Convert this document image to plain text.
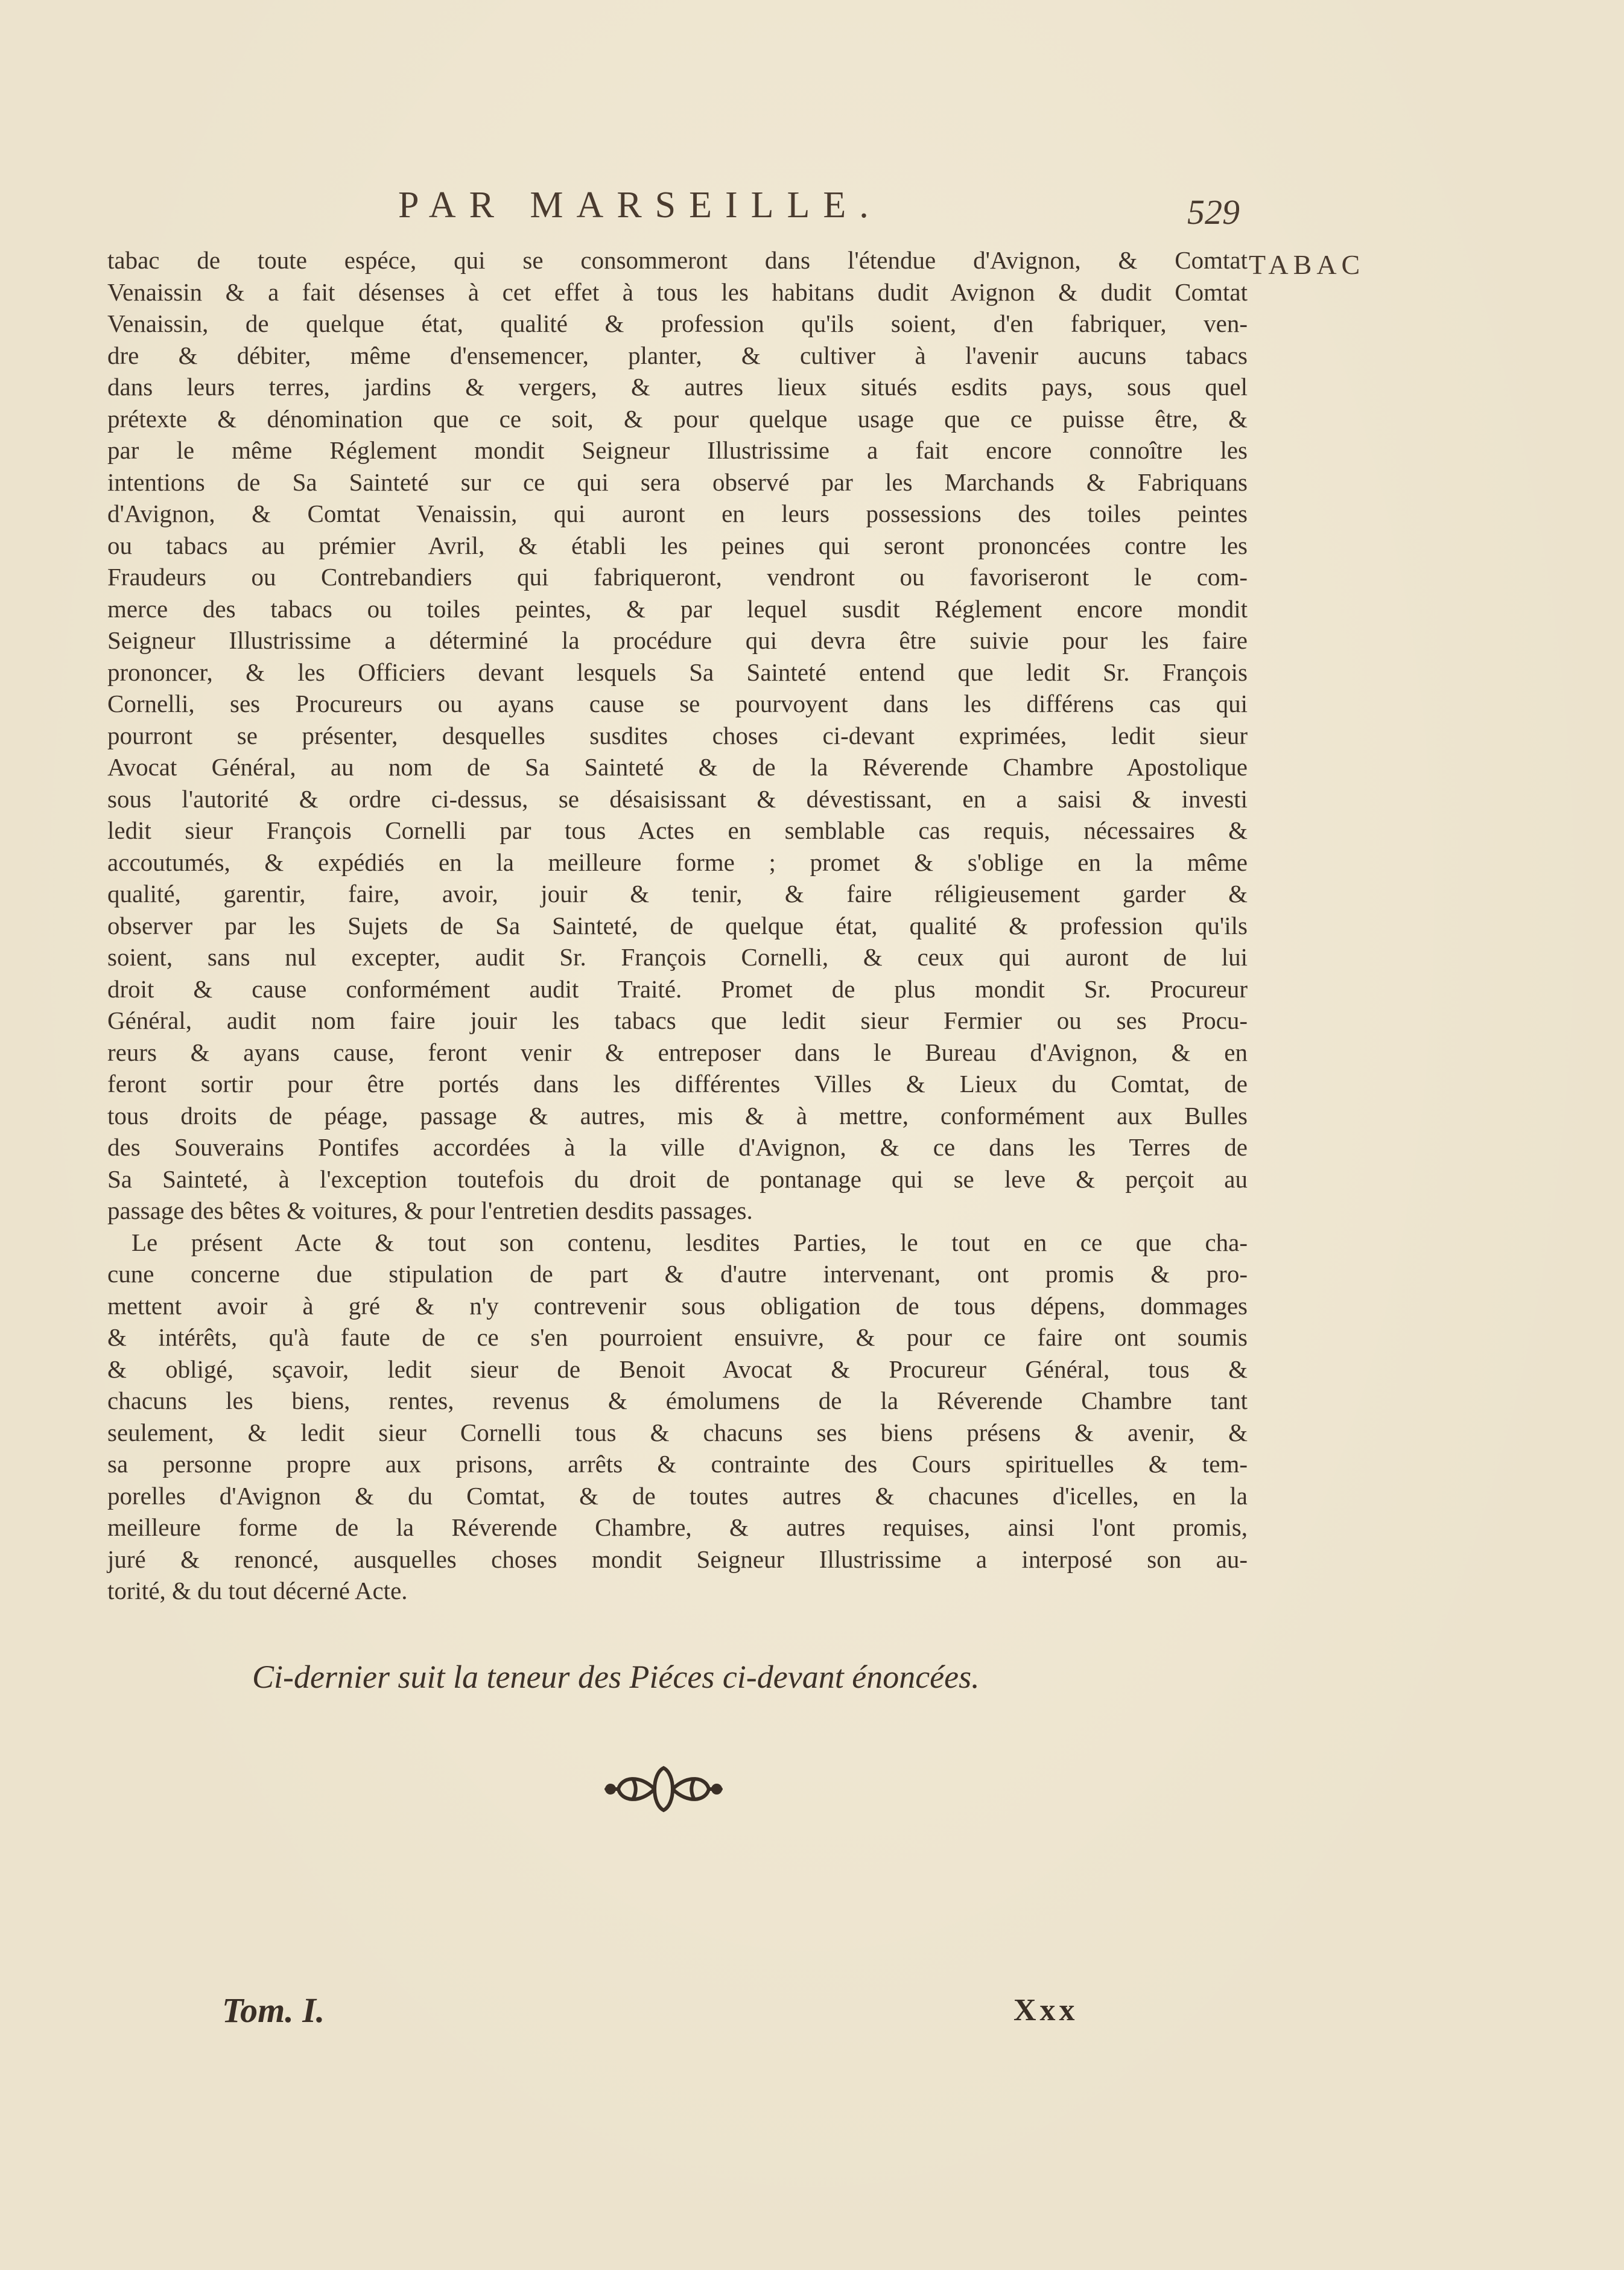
PAR MARSEILLE.	529
TABAC
tabac de toute espéce, qui se consommeront dans l'étendue d'Avignon, & Comtat
Venaissin & a fait désenses à cet effet à tous les habitans dudit Avignon & dudit Comtat
Venaissin, de quelque état, qualité & profession qu'ils soient, d'en fabriquer, ven-
dre & débiter, même d'ensemencer, planter, & cultiver à l'avenir aucuns tabacs
dans leurs terres, jardins & vergers, & autres lieux situés esdits pays, sous quel
prétexte & dénomination que ce soit, & pour quelque usage que ce puisse être, &
par le même Réglement mondit Seigneur Illustrissime a fait encore connoître les
intentions de Sa Sainteté sur ce qui sera observé par les Marchands & Fabriquans
d'Avignon, & Comtat Venaissin, qui auront en leurs possessions des toiles peintes
ou tabacs au prémier Avril, & établi les peines qui seront prononcées contre les
Fraudeurs ou Contrebandiers qui fabriqueront, vendront ou favoriseront le com-
merce des tabacs ou toiles peintes, & par lequel susdit Réglement encore mondit
Seigneur Illustrissime a déterminé la procédure qui devra être suivie pour les faire
prononcer, & les Officiers devant lesquels Sa Sainteté entend que ledit Sr. François
Cornelli, ses Procureurs ou ayans cause se pourvoyent dans les différens cas qui
pourront se présenter, desquelles susdites choses ci-devant exprimées, ledit sieur
Avocat Général, au nom de Sa Sainteté & de la Réverende Chambre Apostolique
sous l'autorité & ordre ci-dessus, se désaisissant & dévestissant, en a saisi & investi
ledit sieur François Cornelli par tous Actes en semblable cas requis, nécessaires &
accoutumés, & expédiés en la meilleure forme ; promet & s'oblige en la même
qualité, garentir, faire, avoir, jouir & tenir, & faire réligieusement garder &
observer par les Sujets de Sa Sainteté, de quelque état, qualité & profession qu'ils
soient, sans nul excepter, audit Sr. François Cornelli, & ceux qui auront de lui
droit & cause conformément audit Traité. Promet de plus mondit Sr. Procureur
Général, audit nom faire jouir les tabacs que ledit sieur Fermier ou ses Procu-
reurs & ayans cause, feront venir & entreposer dans le Bureau d'Avignon, & en
feront sortir pour être portés dans les différentes Villes & Lieux du Comtat, de
tous droits de péage, passage & autres, mis & à mettre, conformément aux Bulles
des Souverains Pontifes accordées à la ville d'Avignon, & ce dans les Terres de
Sa Sainteté, à l'exception toutefois du droit de pontanage qui se leve & perçoit au
passage des bêtes & voitures, & pour l'entretien desdits passages.
Le présent Acte & tout son contenu, lesdites Parties, le tout en ce que cha-
cune concerne due stipulation de part & d'autre intervenant, ont promis & pro-
mettent avoir à gré & n'y contrevenir sous obligation de tous dépens, dommages
& intérêts, qu'à faute de ce s'en pourroient ensuivre, & pour ce faire ont soumis
& obligé, sçavoir, ledit sieur de Benoit Avocat & Procureur Général, tous &
chacuns les biens, rentes, revenus & émolumens de la Réverende Chambre tant
seulement, & ledit sieur Cornelli tous & chacuns ses biens présens & avenir, &
sa personne propre aux prisons, arrêts & contrainte des Cours spirituelles & tem-
porelles d'Avignon & du Comtat, & de toutes autres & chacunes d'icelles, en la
meilleure forme de la Réverende Chambre, & autres requises, ainsi l'ont promis,
juré & renoncé, ausquelles choses mondit Seigneur Illustrissime a interposé son au-
torité, & du tout décerné Acte.
Ci-dernier suit la teneur des Piéces ci-devant énoncées.
Tom. I.	Xxx
